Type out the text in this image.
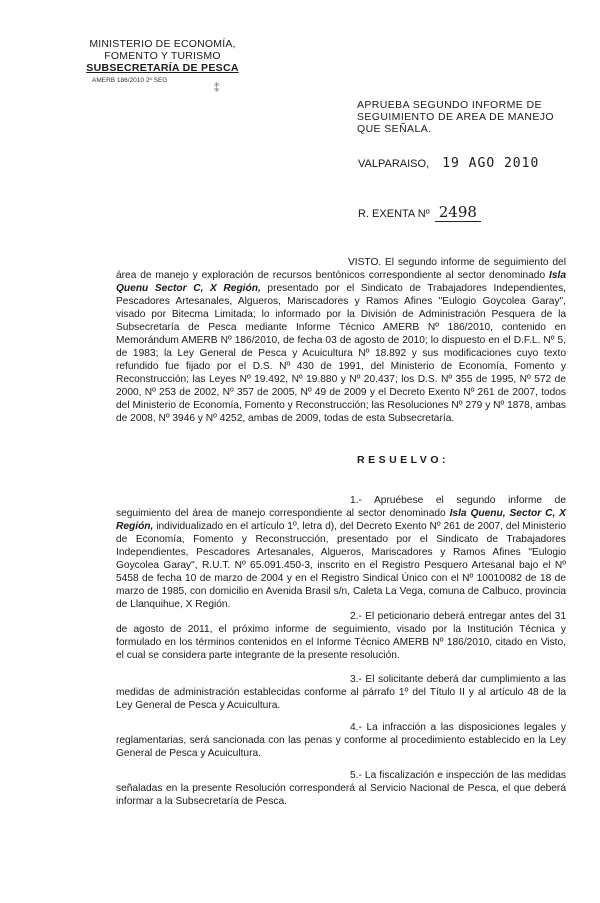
MINISTERIO DE ECONOMÍA,
FOMENTO Y TURISMO
SUBSECRETARÍA DE PESCA
AMERB 186/2010 2º SEG
⁑
APRUEBA SEGUNDO INFORME DE
SEGUIMIENTO DE AREA DE MANEJO
QUE SEÑALA.
VALPARAISO, 19 AGO 2010
R. EXENTA Nº 2498
VISTO. El segundo informe de seguimiento del área de manejo y exploración de recursos bentónicos correspondiente al sector denominado Isla Quenu Sector C, X Región, presentado por el Sindicato de Trabajadores Independientes, Pescadores Artesanales, Algueros, Mariscadores y Ramos Afines "Eulogio Goycolea Garay", visado por Bitecma Limitada; lo informado por la División de Administración Pesquera de la Subsecretaría de Pesca mediante Informe Técnico AMERB Nº 186/2010, contenido en Memorándum AMERB Nº 186/2010, de fecha 03 de agosto de 2010; lo dispuesto en el D.F.L. Nº 5, de 1983; la Ley General de Pesca y Acuicultura Nº 18.892 y sus modificaciones cuyo texto refundido fue fijado por el D.S. Nº 430 de 1991, del Ministerio de Economía, Fomento y Reconstrucción; las Leyes Nº 19.492, Nº 19.880 y Nº 20.437; los D.S. Nº 355 de 1995, Nº 572 de 2000, Nº 253 de 2002, Nº 357 de 2005, Nº 49 de 2009 y el Decreto Exento Nº 261 de 2007, todos del Ministerio de Economía, Fomento y Reconstrucción; las Resoluciones Nº 279 y Nº 1878, ambas de 2008, Nº 3946 y Nº 4252, ambas de 2009, todas de esta Subsecretaría.
RESUELVO:
1.- Apruébese el segundo informe de seguimiento del área de manejo correspondiente al sector denominado Isla Quenu, Sector C, X Región, individualizado en el artículo 1º, letra d), del Decreto Exento Nº 261 de 2007, del Ministerio de Economía, Fomento y Reconstrucción, presentado por el Sindicato de Trabajadores Independientes, Pescadores Artesanales, Algueros, Mariscadores y Ramos Afines "Eulogio Goycolea Garay", R.U.T. Nº 65.091.450-3, inscrito en el Registro Pesquero Artesanal bajo el Nº 5458 de fecha 10 de marzo de 2004 y en el Registro Sindical Único con el Nº 10010082 de 18 de marzo de 1985, con domicilio en Avenida Brasil s/n, Caleta La Vega, comuna de Calbuco, provincia de Llanquihue, X Región.
2.- El peticionario deberá entregar antes del 31 de agosto de 2011, el próximo informe de seguimiento, visado por la Institución Técnica y formulado en los términos contenidos en el Informe Técnico AMERB Nº 186/2010, citado en Visto, el cual se considera parte integrante de la presente resolución.
3.- El solicitante deberá dar cumplimiento a las medidas de administración establecidas conforme al párrafo 1º del Título II y al artículo 48 de la Ley General de Pesca y Acuicultura.
4.- La infracción a las disposiciones legales y reglamentarias, será sancionada con las penas y conforme al procedimiento establecido en la Ley General de Pesca y Acuicultura.
5.- La fiscalización e inspección de las medidas señaladas en la presente Resolución corresponderá al Servicio Nacional de Pesca, el que deberá informar a la Subsecretaría de Pesca.
